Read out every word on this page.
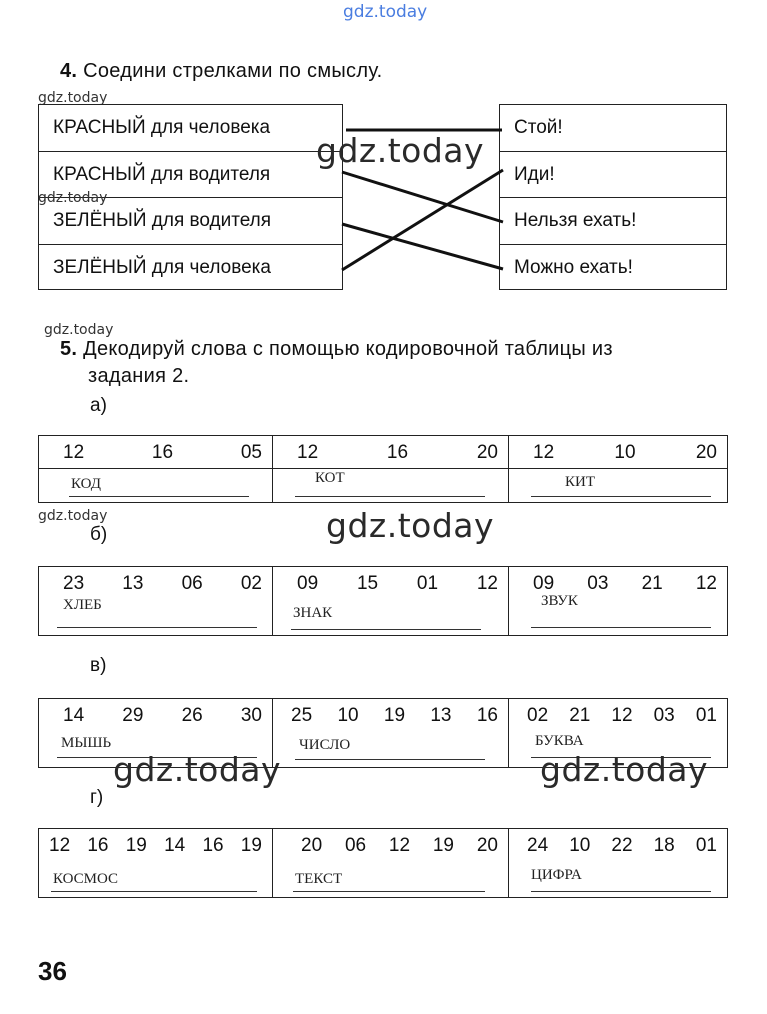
gdz.today
4. Соедини стрелками по смыслу.
gdz.today
КРАСНЫЙ для человека
КРАСНЫЙ для водителя
ЗЕЛЁНЫЙ для водителя
ЗЕЛЁНЫЙ для человека
gdz.today
Стой!
Иди!
Нельзя ехать!
Можно ехать!
gdz.today
gdz.today
5. Декодируй слова с помощью кодировочной таблицы из
задания 2.
а)
12	16	05
КОД
12	16	20
КОТ
12	10	20
КИТ
gdz.today	gdz.today
б)
23 13 06 02
ХЛЕБ
09 15 01 12
ЗНАК
09 03 21 12
ЗВУК
в)
14 29 26 30
МЫШЬ
25 10 19 13 16
ЧИСЛО
02 21 12 03 01
БУКВА
gdz.today	gdz.today
г)
12 16 19 14 16 19
КОСМОС
20 06 12 19 20
ТЕКСТ
24 10 22 18 01
ЦИФРА
36
